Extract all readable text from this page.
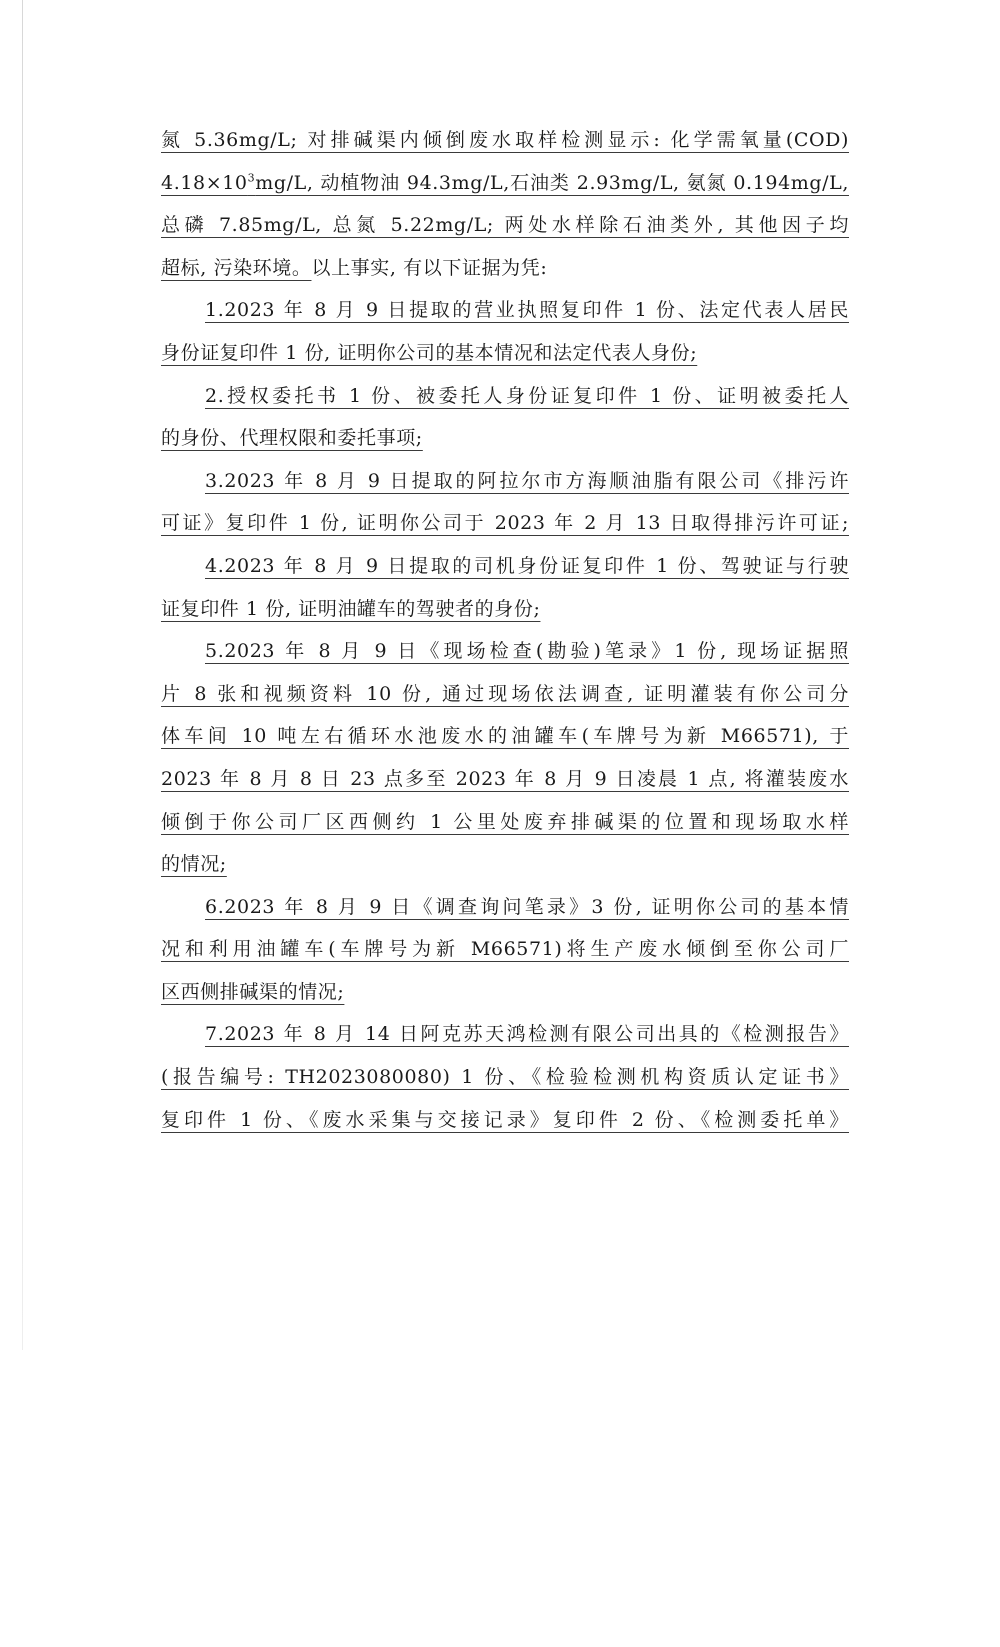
氮 5.36mg/L; 对排碱渠内倾倒废水取样检测显示: 化学需氧量(COD)
$4.18\times 10^3mg/L$, 动植物油 94.3mg/L,石油类 2.93mg/L, 氨氮 0.194mg/L,
总磷 7.85mg/L, 总氮 5.22mg/L; 两处水样除石油类外, 其他因子均
超标, 污染环境。以上事实, 有以下证据为凭:
1.2023 年 8 月 9 日提取的营业执照复印件 1 份、法定代表人居民
身份证复印件 1 份, 证明你公司的基本情况和法定代表人身份;
2.授权委托书 1 份、被委托人身份证复印件 1 份、证明被委托人
的身份、代理权限和委托事项;
3.2023 年 8 月 9 日提取的阿拉尔市方海顺油脂有限公司《排污许
可证》复印件 1 份, 证明你公司于 2023 年 2 月 13 日取得排污许可证;
4.2023 年 8 月 9 日提取的司机身份证复印件 1 份、驾驶证与行驶
证复印件 1 份, 证明油罐车的驾驶者的身份;
5.2023 年 8 月 9 日《现场检查(勘验)笔录》1 份, 现场证据照
片 8 张和视频资料 10 份, 通过现场依法调查, 证明灌装有你公司分
体车间 10 吨左右循环水池废水的油罐车(车牌号为新 M66571), 于
2023 年 8 月 8 日 23 点多至 2023 年 8 月 9 日凌晨 1 点, 将灌装废水
倾倒于你公司厂区西侧约 1 公里处废弃排碱渠的位置和现场取水样
的情况;
6.2023 年 8 月 9 日《调查询问笔录》3 份, 证明你公司的基本情
况和利用油罐车(车牌号为新 M66571)将生产废水倾倒至你公司厂
区西侧排碱渠的情况;
7.2023 年 8 月 14 日阿克苏天鸿检测有限公司出具的《检测报告》
(报告编号: TH2023080080) 1 份、《检验检测机构资质认定证书》
复印件 1 份、《废水采集与交接记录》复印件 2 份、《检测委托单》
